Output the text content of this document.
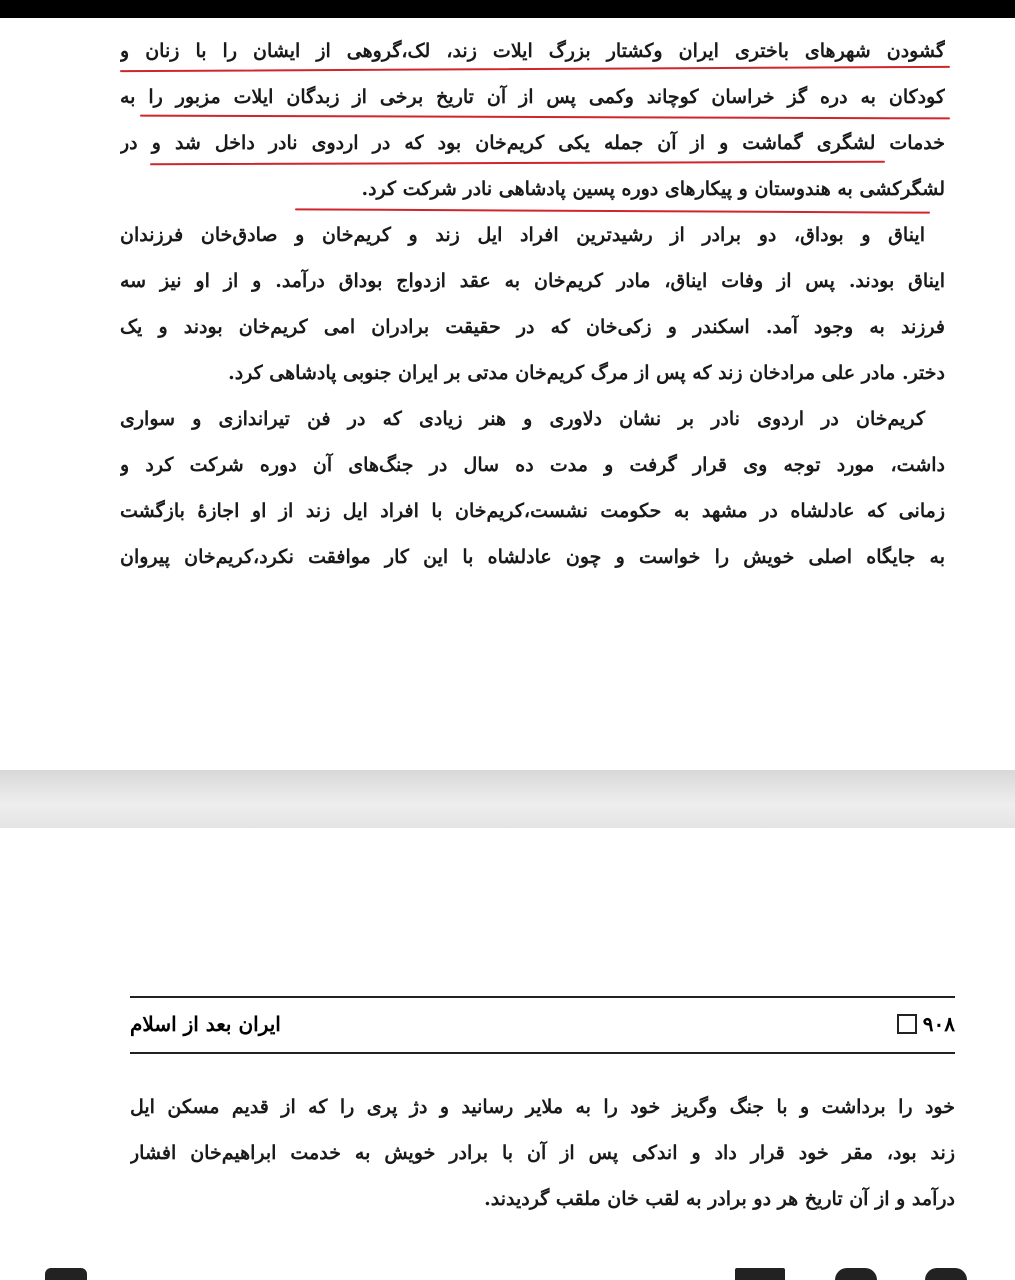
گشودن شهرهای باختری ایران وکشتار بزرگ ایلات زند، لک،گروهی از ایشان را با زنان و
کودکان به دره گز خراسان کوچاند وکمی پس از آن تاریخ برخی از زبدگان ایلات مزبور را به
خدمات لشگری گماشت و از آن جمله یکی کریم‌خان بود که در اردوی نادر داخل شد و در
لشگرکشی به هندوستان و پیکارهای دوره پسین پادشاهی نادر شرکت کرد.
ایناق و بوداق، دو برادر از رشیدترین افراد ایل زند و کریم‌خان و صادق‌خان فرزندان
ایناق بودند. پس از وفات ایناق، مادر کریم‌خان به عقد ازدواج بوداق درآمد. و از او نیز سه
فرزند به وجود آمد. اسکندر و زکی‌خان که در حقیقت برادران امی کریم‌خان بودند و یک
دختر. مادر علی مرادخان زند که پس از مرگ کریم‌خان مدتی بر ایران جنوبی پادشاهی کرد.
کریم‌خان در اردوی نادر بر نشان دلاوری و هنر زیادی که در فن تیراندازی و سواری
داشت، مورد توجه وی قرار گرفت و مدت ده سال در جنگ‌های آن دوره شرکت کرد و
زمانی که عادلشاه در مشهد به حکومت نشست،کریم‌خان با افراد ایل زند از او اجازهٔ بازگشت
به جایگاه اصلی خویش را خواست و چون عادلشاه با این کار موافقت نکرد،کریم‌خان پیروان
ایران بعد از اسلام	۹۰۸
خود را برداشت و با جنگ وگریز خود را به ملایر رسانید و دژ پری را که از قدیم مسکن ایل
زند بود، مقر خود قرار داد و اندکی پس از آن با برادر خویش به خدمت ابراهیم‌خان افشار
درآمد و از آن تاریخ هر دو برادر به لقب خان ملقب گردیدند.
